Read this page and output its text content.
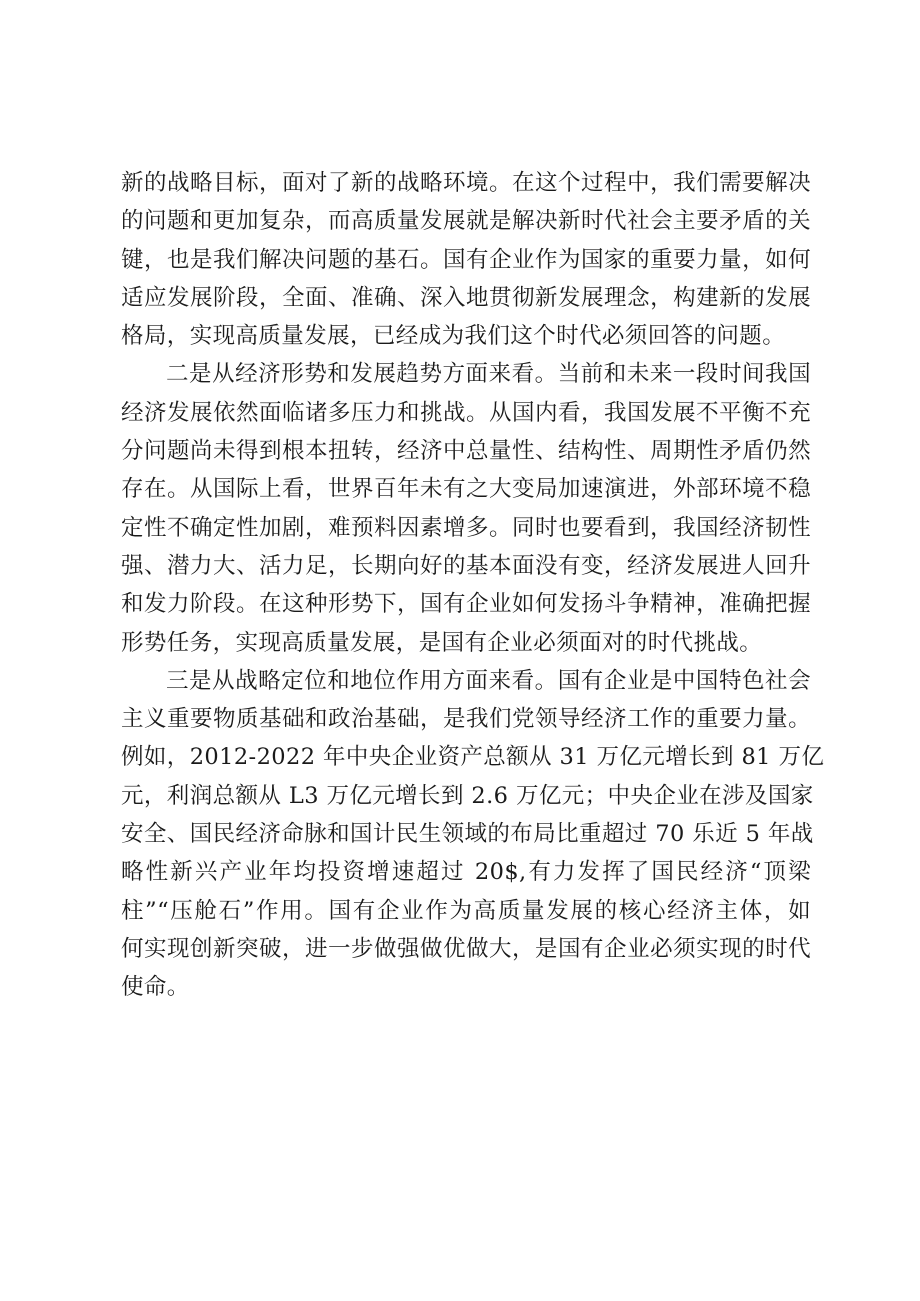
新的战略目标，面对了新的战略环境。在这个过程中，我们需要解决
的问题和更加复杂，而高质量发展就是解决新时代社会主要矛盾的关
键，也是我们解决问题的基石。国有企业作为国家的重要力量，如何
适应发展阶段，全面、准确、深入地贯彻新发展理念，构建新的发展
格局，实现高质量发展，已经成为我们这个时代必须回答的问题。
二是从经济形势和发展趋势方面来看。当前和未来一段时间我国
经济发展依然面临诸多压力和挑战。从国内看，我国发展不平衡不充
分问题尚未得到根本扭转，经济中总量性、结构性、周期性矛盾仍然
存在。从国际上看，世界百年未有之大变局加速演进，外部环境不稳
定性不确定性加剧，难预料因素增多。同时也要看到，我国经济韧性
强、潜力大、活力足，长期向好的基本面没有变，经济发展进人回升
和发力阶段。在这种形势下，国有企业如何发扬斗争精神，准确把握
形势任务，实现高质量发展，是国有企业必须面对的时代挑战。
三是从战略定位和地位作用方面来看。国有企业是中国特色社会
主义重要物质基础和政治基础，是我们党领导经济工作的重要力量。
例如，2012-2022 年中央企业资产总额从 31 万亿元增长到 81 万亿
元，利润总额从 L3 万亿元增长到 2.6 万亿元；中央企业在涉及国家
安全、国民经济命脉和国计民生领域的布局比重超过 70 乐近 5 年战
略性新兴产业年均投资增速超过 20$,有力发挥了国民经济“顶梁
柱”“压舱石”作用。国有企业作为高质量发展的核心经济主体，如
何实现创新突破，进一步做强做优做大，是国有企业必须实现的时代
使命。
